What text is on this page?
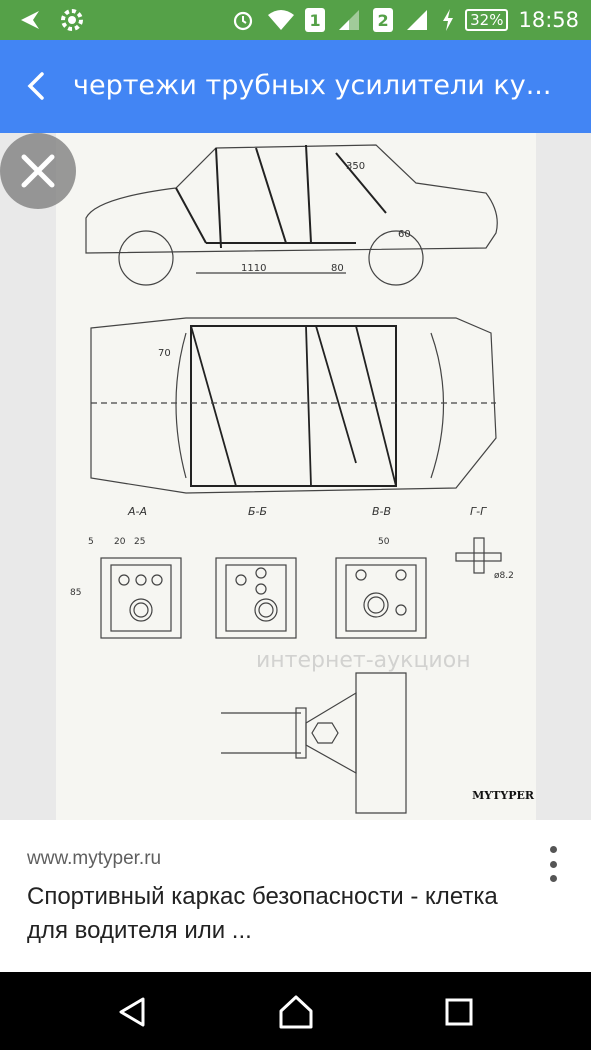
1	2	32% 18:58
чертежи трубных усилители ку...
А-А	Б-Б	В-В	Г-Г
1110	80
60
70
350
5 20 25	50
85
ø8.2
интернет-аукцион
MYTYPER
www.mytyper.ru
Спортивный каркас безопасности - клетка для водителя или ...
